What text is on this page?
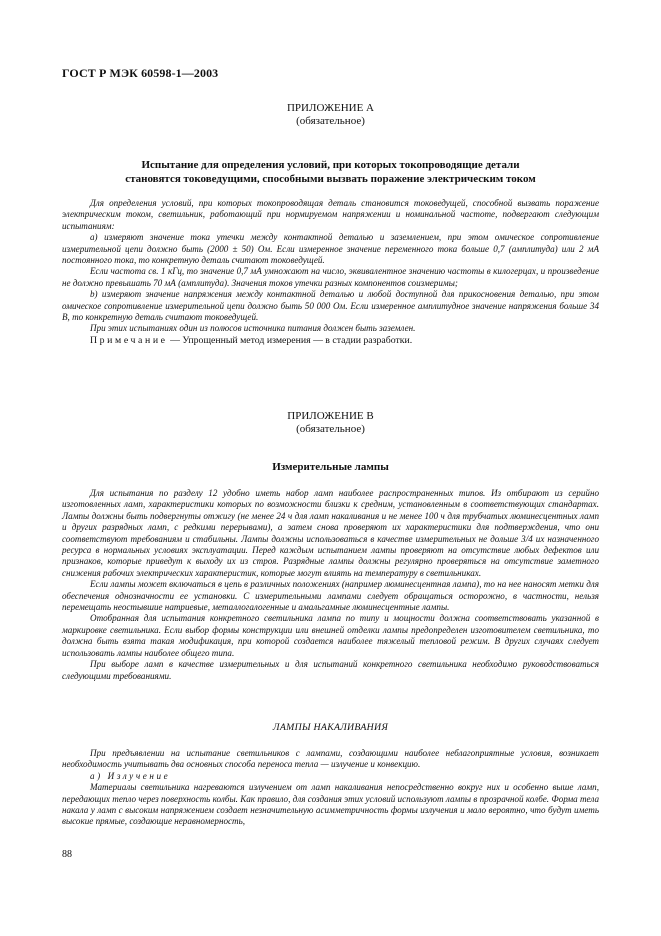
ГОСТ Р МЭК 60598-1—2003
ПРИЛОЖЕНИЕ А
(обязательное)
Испытание для определения условий, при которых токопроводящие детали
становятся токоведущими, способными вызвать поражение электрическим током

Для определения условий, при которых токопроводящая деталь становится токоведущей, способной вызвать поражение электрическим током, светильник, работающий при нормируемом напряжении и номинальной частоте, подвергают следующим испытаниям:

а) измеряют значение тока утечки между контактной деталью и заземлением, при этом омическое сопротивление измерительной цепи должно быть (2000 ± 50) Ом. Если измеренное значение переменного тока больше 0,7 (амплитуда) или 2 мА постоянного тока, то конкретную деталь считают токоведущей.

Если частота св. 1 кГц, то значение 0,7 мА умножают на число, эквивалентное значению частоты в килогерцах, и произведение не должно превышать 70 мА (амплитуда). Значения токов утечки разных компонентов соизмеримы;

b) измеряют значение напряжения между контактной деталью и любой доступной для прикосновения деталью, при этом омическое сопротивление измерительной цепи должно быть 50 000 Ом. Если измеренное амплитудное значение напряжения больше 34 В, то конкретную деталь считают токоведущей.

При этих испытаниях один из полюсов источника питания должен быть заземлен.

Примечание — Упрощенный метод измерения — в стадии разработки.

ПРИЛОЖЕНИЕ В
(обязательное)
Измерительные лампы

Для испытания по разделу 12 удобно иметь набор ламп наиболее распространенных типов. Из отбирают из серийно изготовленных ламп, характеристики которых по возможности близки к средним, установленным в соответствующих стандартах. Лампы должны быть подвергнуты отжигу (не менее 24 ч для ламп накаливания и не менее 100 ч для трубчатых люминесцентных ламп и других разрядных ламп, с редкими перерывами), а затем снова проверяют их характеристики для подтверждения, что они соответствуют требованиям и стабильны. Лампы должны использоваться в качестве измерительных не дольше 3/4 их назначенного ресурса в нормальных условиях эксплуатации. Перед каждым испытанием лампы проверяют на отсутствие любых дефектов или признаков, которые приведут к выходу их из строя. Разрядные лампы должны регулярно проверяться на отсутствие заметного снижения рабочих электрических характеристик, которые могут влиять на температуру в светильниках.

Если лампы может включаться в цепь в различных положениях (например люминесцентная лампа), то на нее наносят метки для обеспечения однозначности ее установки. С измерительными лампами следует обращаться осторожно, в частности, нельзя перемещать неостывшие натриевые, металлогалогенные и амальгамные люминесцентные лампы.

Отобранная для испытания конкретного светильника лампа по типу и мощности должна соответствовать указанной в маркировке светильника. Если выбор формы конструкции или внешней отделки лампы предопределен изготовителем светильника, то должна быть взята такая модификация, при которой создается наиболее тяжелый тепловой режим. В других случаях следует использовать лампы наиболее общего типа.

При выборе ламп в качестве измерительных и для испытаний конкретного светильника необходимо руководствоваться следующими требованиями.

ЛАМПЫ НАКАЛИВАНИЯ

При предъявлении на испытание светильников с лампами, создающими наиболее неблагоприятные условия, возникает необходимость учитывать два основных способа переноса тепла — излучение и конвекцию.

а) Излучение

Материалы светильника нагреваются излучением от ламп накаливания непосредственно вокруг них и особенно выше ламп, передающих тепло через поверхность колбы. Как правило, для создания этих условий используют лампы в прозрачной колбе. Форма тела накала у ламп с высоким напряжением создает незначительную асимметричность формы излучения и мало вероятно, что будут иметь высокие прямые, создающие неравномерность,

88
